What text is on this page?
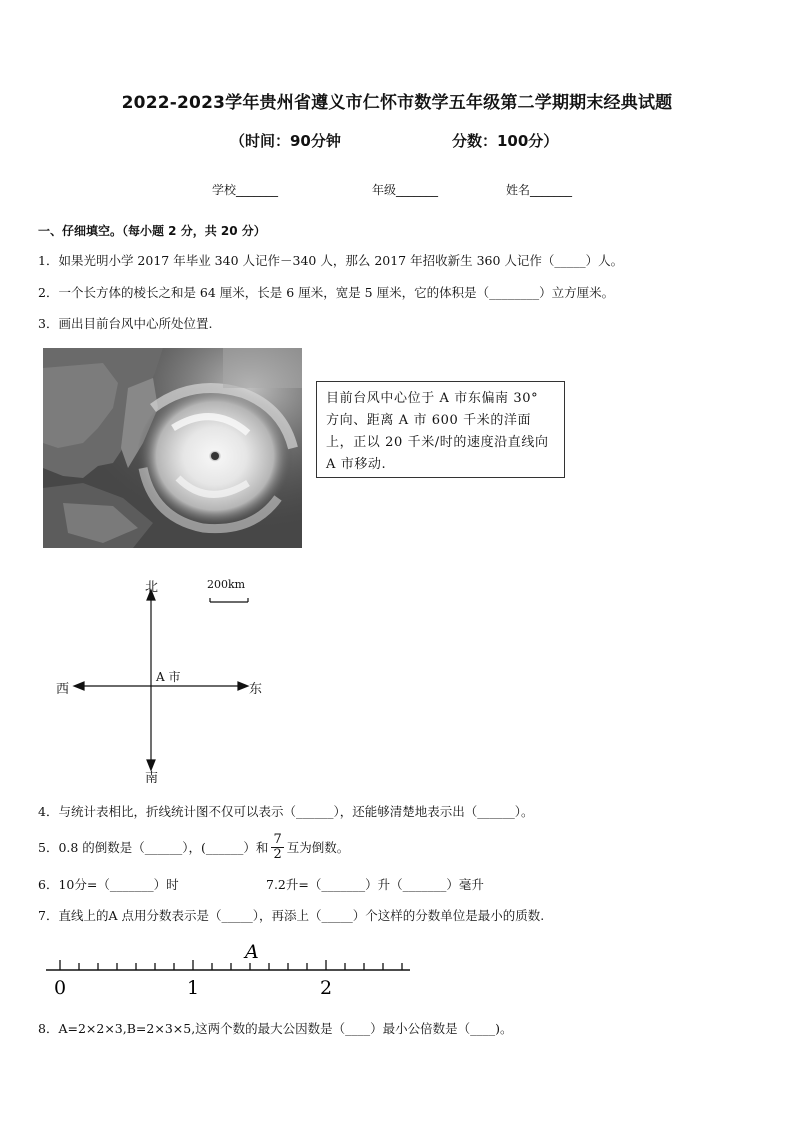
2022-2023学年贵州省遵义市仁怀市数学五年级第二学期期末经典试题
（时间：90分钟	分数：100分）
学校_______	年级_______	姓名_______
一、仔细填空。（每小题 2 分，共 20 分）
1．如果光明小学 2017 年毕业 340 人记作－340 人，那么 2017 年招收新生 360 人记作（_____）人。
2．一个长方体的棱长之和是 64 厘米，长是 6 厘米，宽是 5 厘米，它的体积是（________）立方厘米。
3．画出目前台风中心所处位置.
目前台风中心位于 A 市东偏南 30° 方向、距离 A 市 600 千米的洋面上，正以 20 千米/时的速度沿直线向 A 市移动.
北
南
东
西
A 市
200km
4．与统计表相比，折线统计图不仅可以表示（______），还能够清楚地表示出（______）。
5．0.8 的倒数是（______），(______）和 $\frac{7}{2}$ 互为倒数。
6．10分=（_______）时	7.2升=（_______）升（_______）毫升
7．直线上的A 点用分数表示是（_____），再添上（_____）个这样的分数单位是最小的质数.
A
0	1	2
8．A=2×2×3,B=2×3×5,这两个数的最大公因数是（____）最小公倍数是（____)。
